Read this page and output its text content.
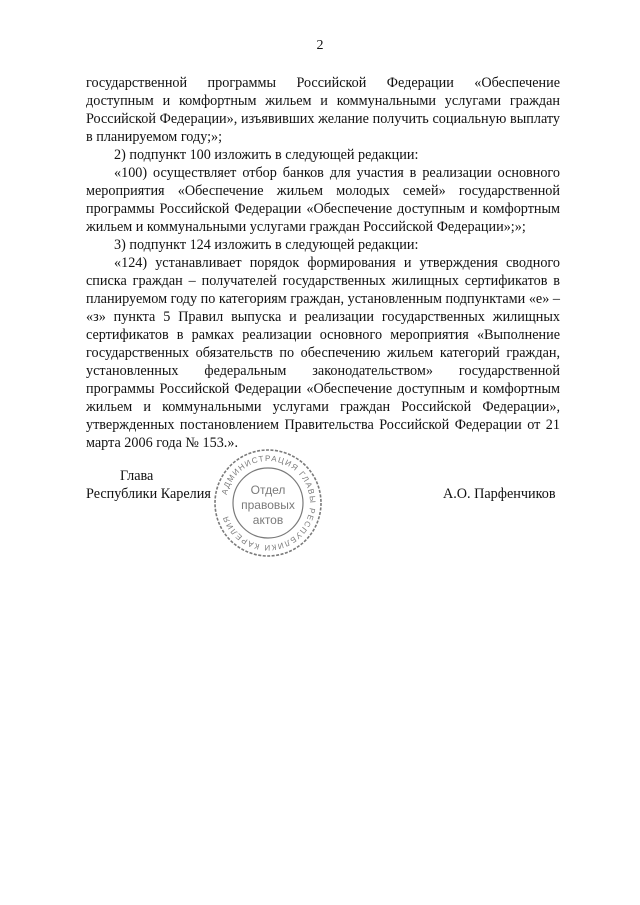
2

государственной программы Российской Федерации «Обеспечение доступным и комфортным жильем и коммунальными услугами граждан Российской Федерации», изъявивших желание получить социальную выплату в планируемом году;»;

2) подпункт 100 изложить в следующей редакции:

«100) осуществляет отбор банков для участия в реализации основного мероприятия «Обеспечение жильем молодых семей» государственной программы Российской Федерации «Обеспечение доступным и комфортным жильем и коммунальными услугами граждан Российской Федерации»;»;

3) подпункт 124 изложить в следующей редакции:

«124) устанавливает порядок формирования и утверждения сводного списка граждан – получателей государственных жилищных сертификатов в планируемом году по категориям граждан, установленным подпунктами «е» – «з» пункта 5 Правил выпуска и реализации государственных жилищных сертификатов в рамках реализации основного мероприятия «Выполнение государственных обязательств по обеспечению жильем категорий граждан, установленных федеральным законодательством» государственной программы Российской Федерации «Обеспечение доступным и комфортным жильем и коммунальными услугами граждан Российской Федерации», утвержденных постановлением Правительства Российской Федерации от 21 марта 2006 года № 153.».

Глава
Республики Карелия	А.О. Парфенчиков
АДМИНИСТРАЦИЯ ГЛАВЫ РЕСПУБЛИКИ КАРЕЛИЯ
Отдел
правовых
актов
